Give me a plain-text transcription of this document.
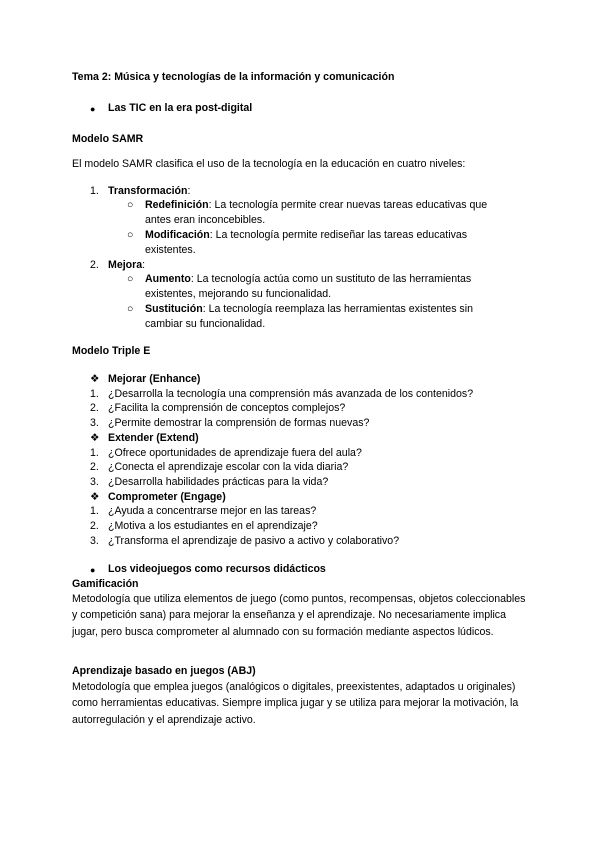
Tema 2: Música y tecnologías de la información y comunicación
● Las TIC en la era post-digital
Modelo SAMR
El modelo SAMR clasifica el uso de la tecnología en la educación en cuatro niveles:
1. Transformación:
○ Redefinición: La tecnología permite crear nuevas tareas educativas que
antes eran inconcebibles.
○ Modificación: La tecnología permite rediseñar las tareas educativas
existentes.
2. Mejora:
○ Aumento: La tecnología actúa como un sustituto de las herramientas
existentes, mejorando su funcionalidad.
○ Sustitución: La tecnología reemplaza las herramientas existentes sin
cambiar su funcionalidad.
Modelo Triple E
❖ Mejorar (Enhance)
1. ¿Desarrolla la tecnología una comprensión más avanzada de los contenidos?
2. ¿Facilita la comprensión de conceptos complejos?
3. ¿Permite demostrar la comprensión de formas nuevas?
❖ Extender (Extend)
1. ¿Ofrece oportunidades de aprendizaje fuera del aula?
2. ¿Conecta el aprendizaje escolar con la vida diaria?
3. ¿Desarrolla habilidades prácticas para la vida?
❖ Comprometer (Engage)
1. ¿Ayuda a concentrarse mejor en las tareas?
2. ¿Motiva a los estudiantes en el aprendizaje?
3. ¿Transforma el aprendizaje de pasivo a activo y colaborativo?
● Los videojuegos como recursos didácticos
Gamificación
Metodología que utiliza elementos de juego (como puntos, recompensas, objetos coleccionables y competición sana) para mejorar la enseñanza y el aprendizaje. No necesariamente implica jugar, pero busca comprometer al alumnado con su formación mediante aspectos lúdicos.
Aprendizaje basado en juegos (ABJ)
Metodología que emplea juegos (analógicos o digitales, preexistentes, adaptados u originales) como herramientas educativas. Siempre implica jugar y se utiliza para mejorar la motivación, la autorregulación y el aprendizaje activo.
